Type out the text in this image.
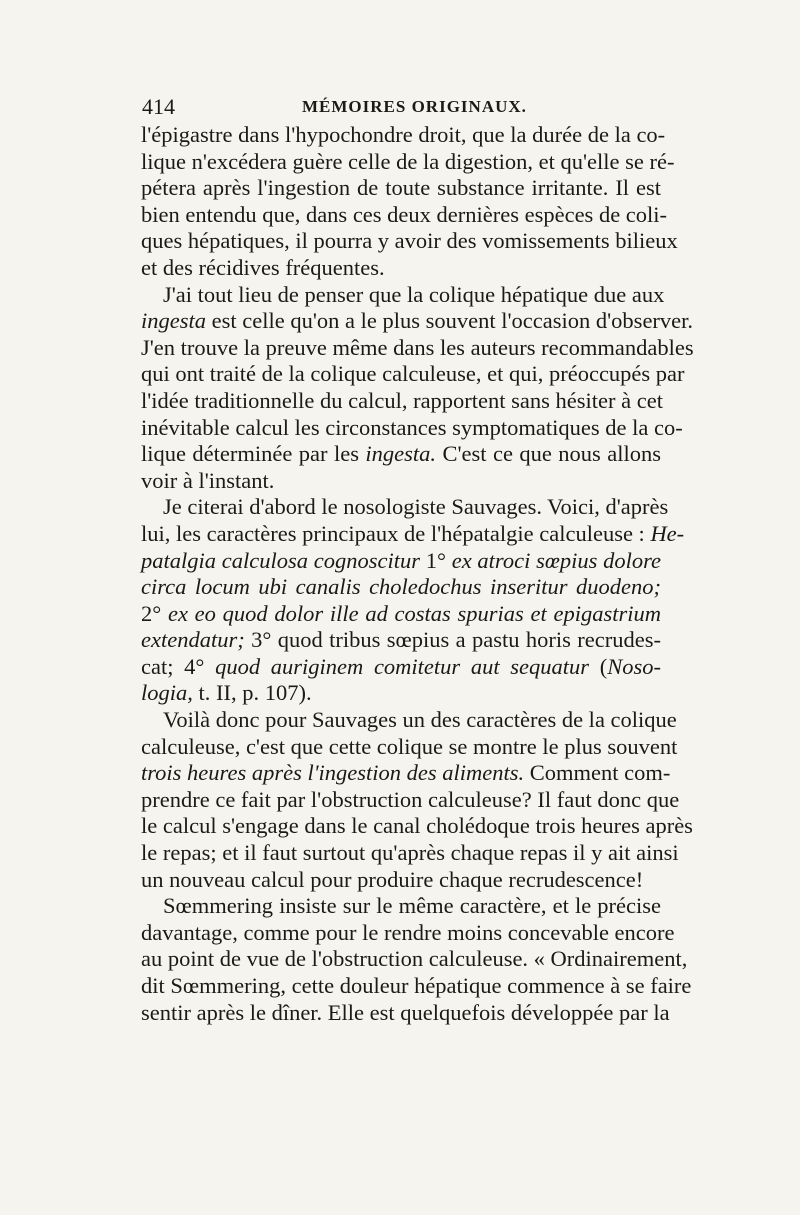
414	MÉMOIRES ORIGINAUX.
l'épigastre dans l'hypochondre droit, que la durée de la co-
lique n'excédera guère celle de la digestion, et qu'elle se ré-
pétera après l'ingestion de toute substance irritante. Il est
bien entendu que, dans ces deux dernières espèces de coli-
ques hépatiques, il pourra y avoir des vomissements bilieux
et des récidives fréquentes.
J'ai tout lieu de penser que la colique hépatique due aux
ingesta est celle qu'on a le plus souvent l'occasion d'observer.
J'en trouve la preuve même dans les auteurs recommandables
qui ont traité de la colique calculeuse, et qui, préoccupés par
l'idée traditionnelle du calcul, rapportent sans hésiter à cet
inévitable calcul les circonstances symptomatiques de la co-
lique déterminée par les ingesta. C'est ce que nous allons
voir à l'instant.
Je citerai d'abord le nosologiste Sauvages. Voici, d'après
lui, les caractères principaux de l'hépatalgie calculeuse : He-
patalgia calculosa cognoscitur 1° ex atroci sœpius dolore
circa locum ubi canalis choledochus inseritur duodeno;
2° ex eo quod dolor ille ad costas spurias et epigastrium
extendatur; 3° quod tribus sœpius a pastu horis recrudes-
cat; 4° quod auriginem comitetur aut sequatur (Noso-
logia, t. II, p. 107).
Voilà donc pour Sauvages un des caractères de la colique
calculeuse, c'est que cette colique se montre le plus souvent
trois heures après l'ingestion des aliments. Comment com-
prendre ce fait par l'obstruction calculeuse? Il faut donc que
le calcul s'engage dans le canal cholédoque trois heures après
le repas; et il faut surtout qu'après chaque repas il y ait ainsi
un nouveau calcul pour produire chaque recrudescence!
Sœmmering insiste sur le même caractère, et le précise
davantage, comme pour le rendre moins concevable encore
au point de vue de l'obstruction calculeuse. « Ordinairement,
dit Sœmmering, cette douleur hépatique commence à se faire
sentir après le dîner. Elle est quelquefois développée par la
